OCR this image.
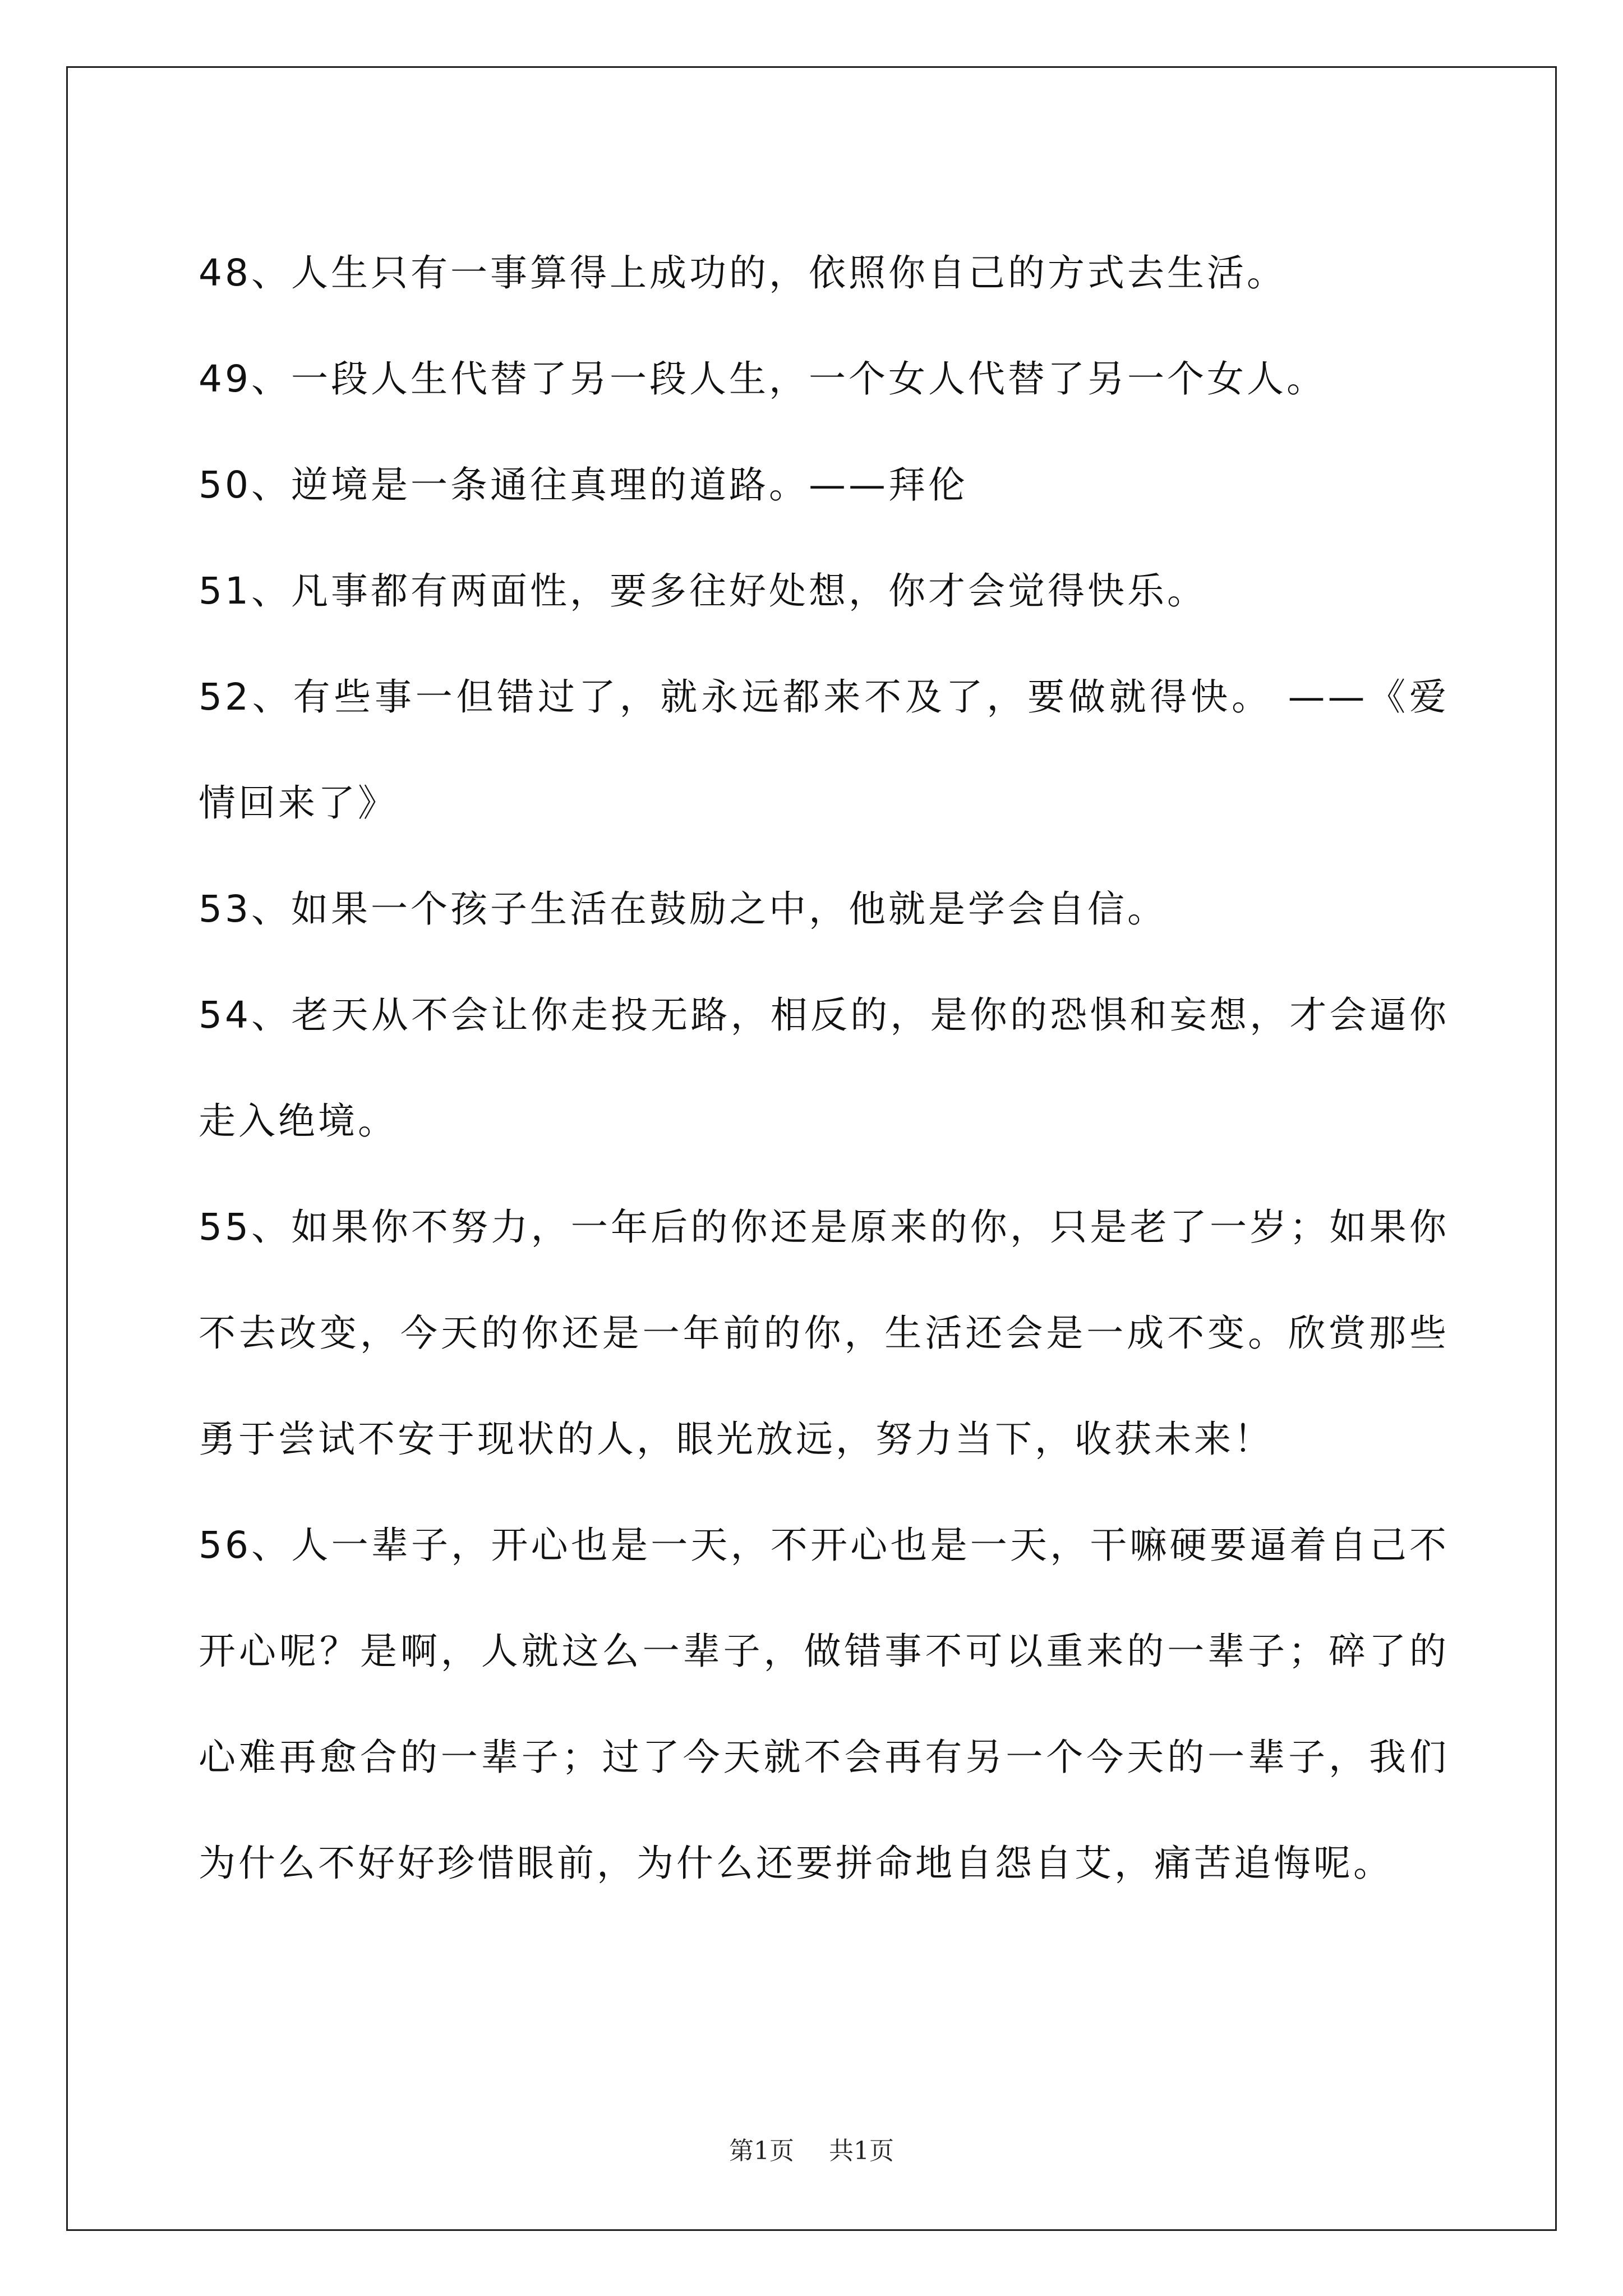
48、人生只有一事算得上成功的，依照你自己的方式去生活。
49、一段人生代替了另一段人生，一个女人代替了另一个女人。
50、逆境是一条通往真理的道路。——拜伦
51、凡事都有两面性，要多往好处想，你才会觉得快乐。
52、有些事一但错过了，就永远都来不及了，要做就得快。 ——《爱情回来了》
53、如果一个孩子生活在鼓励之中，他就是学会自信。
54、老天从不会让你走投无路，相反的，是你的恐惧和妄想，才会逼你走入绝境。
55、如果你不努力，一年后的你还是原来的你，只是老了一岁；如果你不去改变，今天的你还是一年前的你，生活还会是一成不变。欣赏那些勇于尝试不安于现状的人，眼光放远，努力当下，收获未来！
56、人一辈子，开心也是一天，不开心也是一天，干嘛硬要逼着自己不开心呢？是啊，人就这么一辈子，做错事不可以重来的一辈子；碎了的心难再愈合的一辈子；过了今天就不会再有另一个今天的一辈子，我们为什么不好好珍惜眼前，为什么还要拼命地自怨自艾，痛苦追悔呢。
第1页 共1页
